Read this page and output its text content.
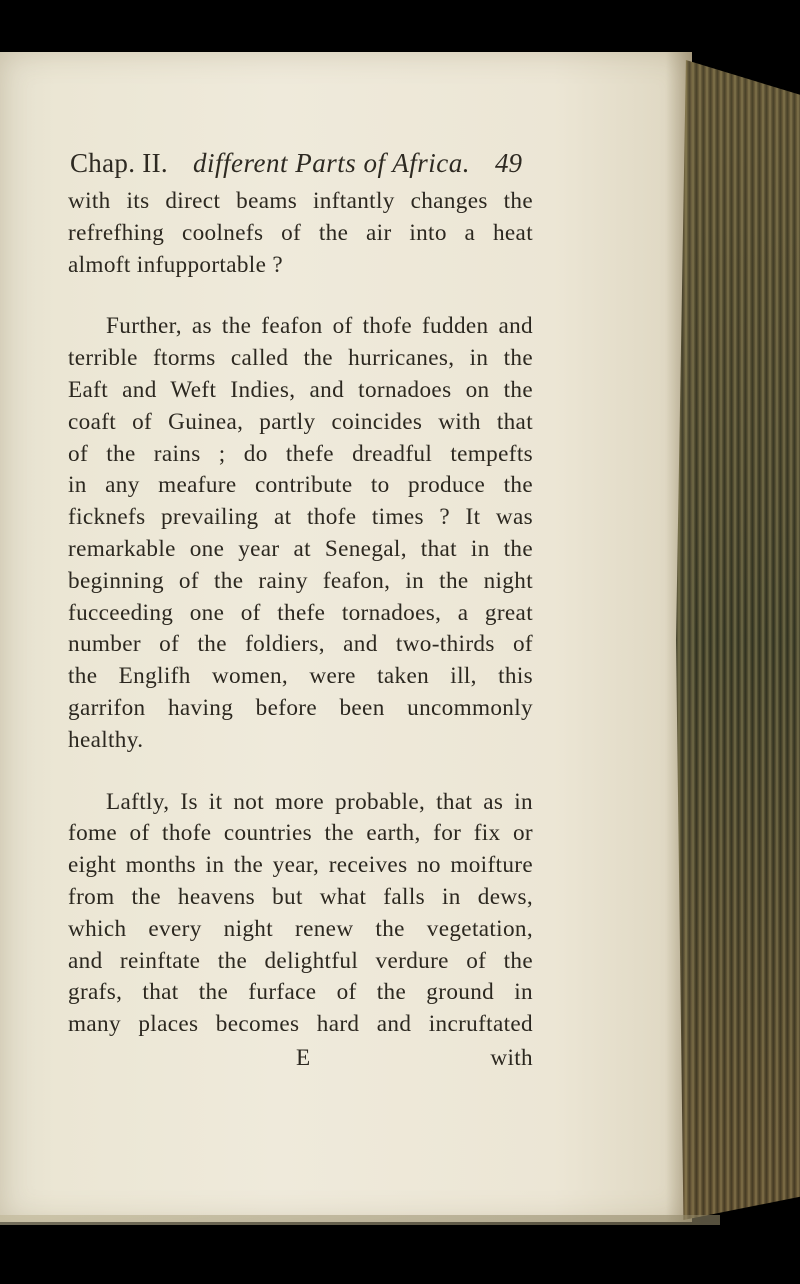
Chap. II. different Parts of Africa. 49
with its direct beams inftantly changes the
refrefhing coolnefs of the air into a heat
almoft infupportable ?
Further, as the feafon of thofe fudden and
terrible ftorms called the hurricanes, in the
Eaft and Weft Indies, and tornadoes on the
coaft of Guinea, partly coincides with that
of the rains ; do thefe dreadful tempefts
in any meafure contribute to produce the
ficknefs prevailing at thofe times ? It was
remarkable one year at Senegal, that in the
beginning of the rainy feafon, in the night
fucceeding one of thefe tornadoes, a great
number of the foldiers, and two-thirds of
the Englifh women, were taken ill, this
garrifon having before been uncommonly
healthy.
Laftly, Is it not more probable, that as in
fome of thofe countries the earth, for fix or
eight months in the year, receives no moifture
from the heavens but what falls in dews,
which every night renew the vegetation,
and reinftate the delightful verdure of the
grafs, that the furface of the ground in
many places becomes hard and incruftated
E	with
